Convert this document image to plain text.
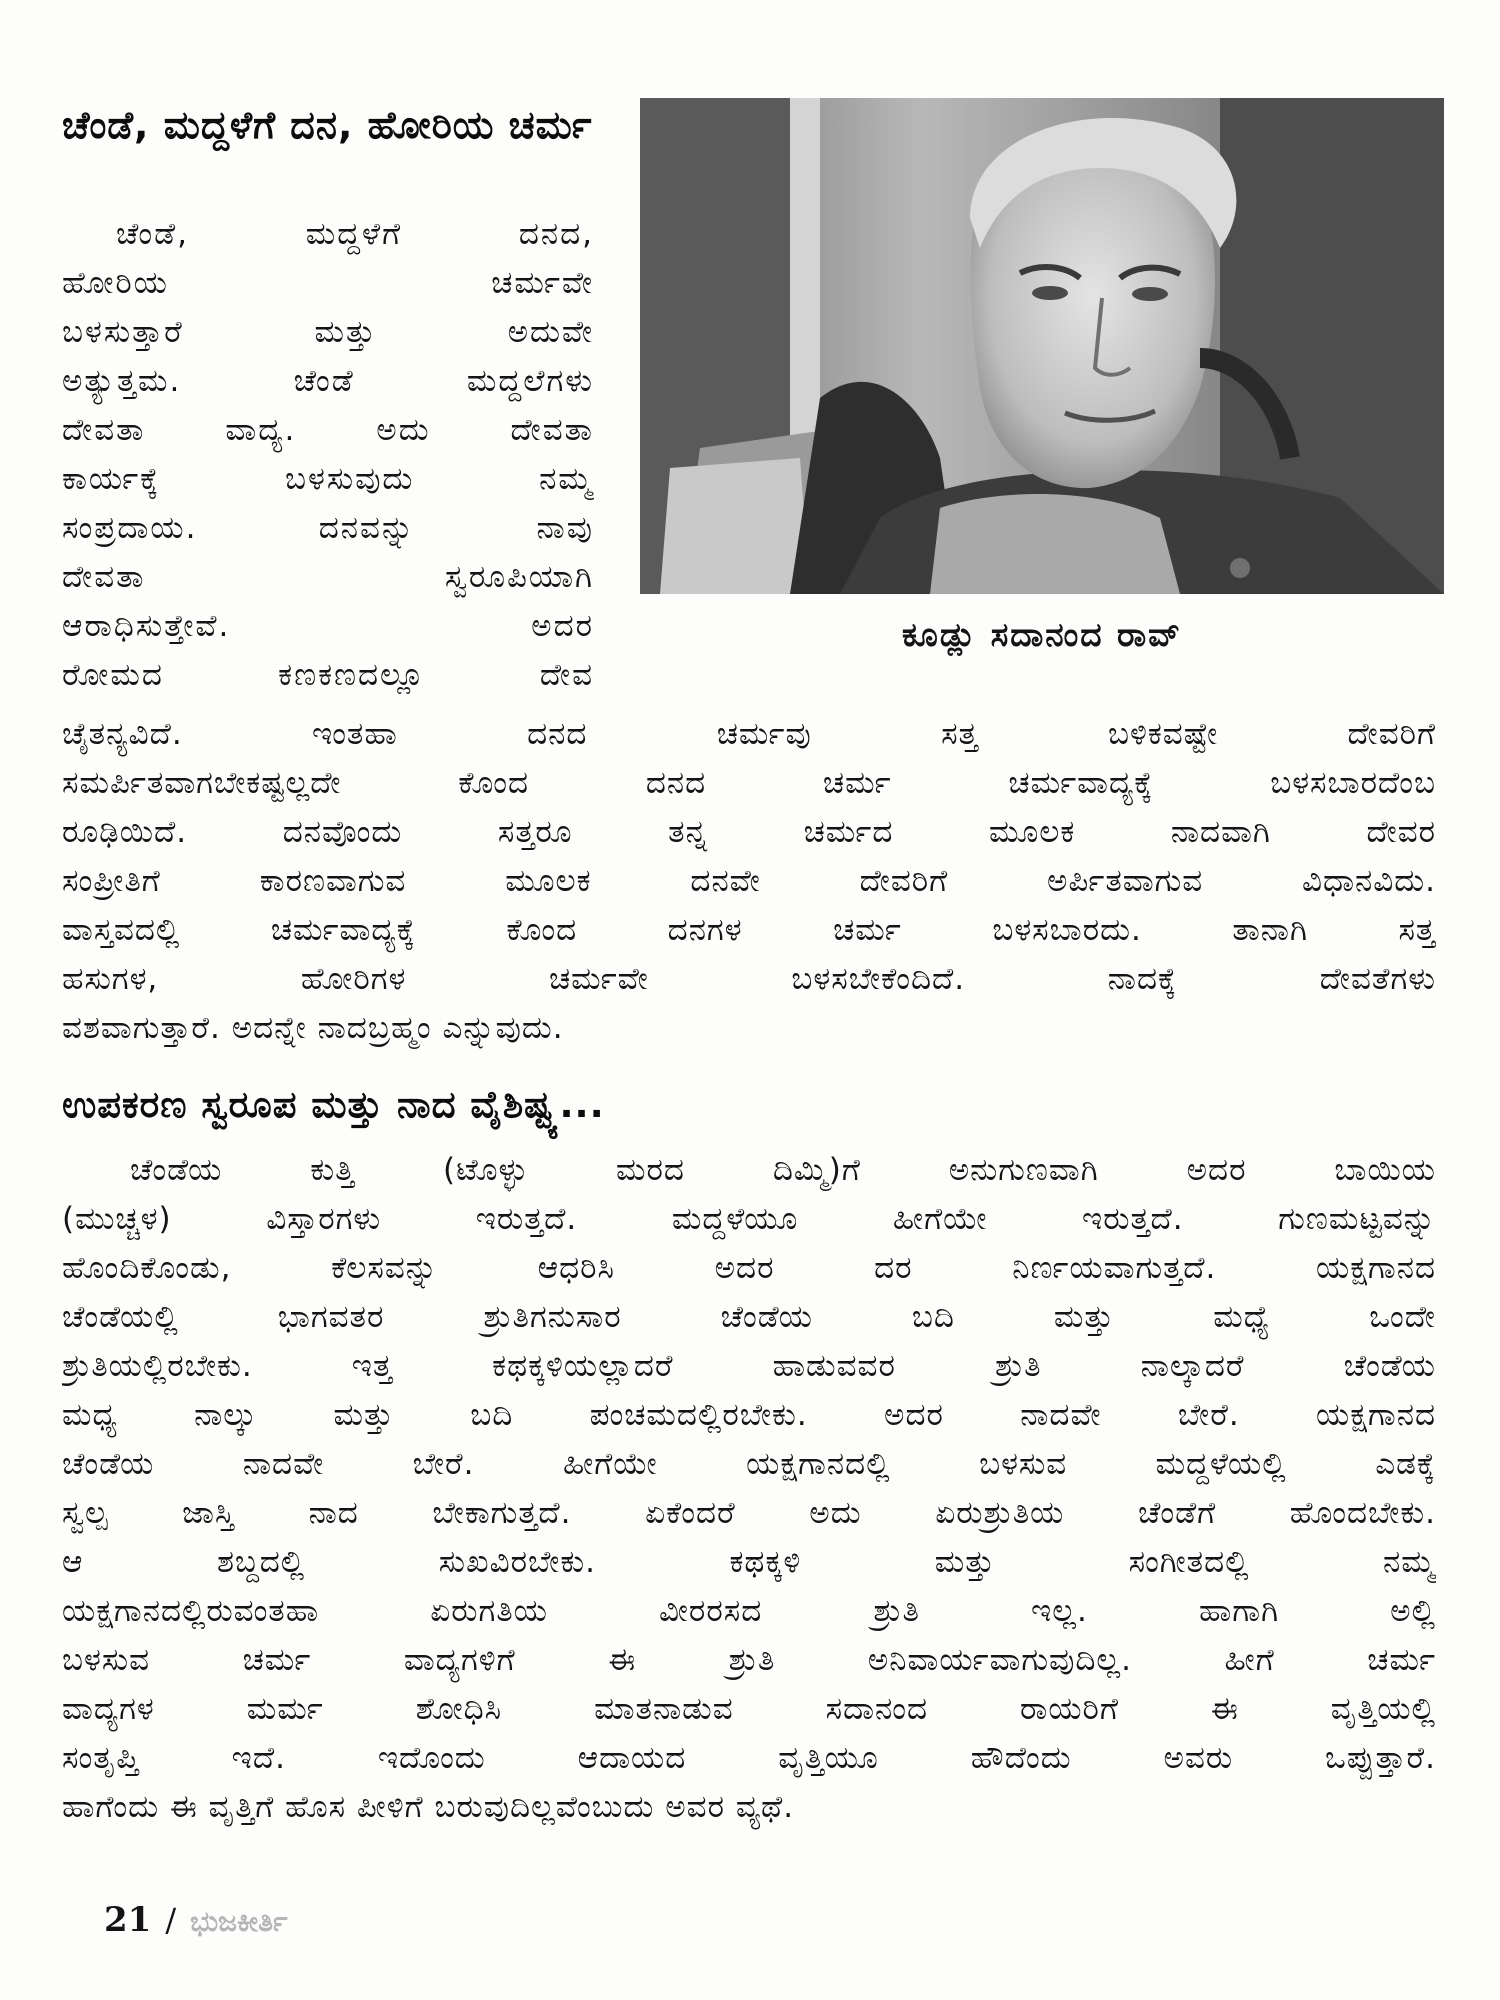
ಚೆಂಡೆ, ಮದ್ದಳೆಗೆ ದನ, ಹೋರಿಯ ಚರ್ಮ
ಚೆಂಡೆ, ಮದ್ದಳೆಗೆ ದನದ,
ಹೋರಿಯ ಚರ್ಮವೇ
ಬಳಸುತ್ತಾರೆ ಮತ್ತು ಅದುವೇ
ಅತ್ಯುತ್ತಮ. ಚೆಂಡೆ ಮದ್ದಲೆಗಳು
ದೇವತಾ ವಾದ್ಯ. ಅದು ದೇವತಾ
ಕಾರ್ಯಕ್ಕೆ ಬಳಸುವುದು ನಮ್ಮ
ಸಂಪ್ರದಾಯ. ದನವನ್ನು ನಾವು
ದೇವತಾ ಸ್ವರೂಪಿಯಾಗಿ
ಆರಾಧಿಸುತ್ತೇವೆ. ಅದರ
ರೋಮದ ಕಣಕಣದಲ್ಲೂ ದೇವ

ಕೂಡ್ಲು ಸದಾನಂದ ರಾವ್

ಚೈತನ್ಯವಿದೆ. ಇಂತಹಾ ದನದ ಚರ್ಮವು ಸತ್ತ ಬಳಿಕವಷ್ಟೇ ದೇವರಿಗೆ
ಸಮರ್ಪಿತವಾಗಬೇಕಷ್ಟಲ್ಲದೇ ಕೊಂದ ದನದ ಚರ್ಮ ಚರ್ಮವಾದ್ಯಕ್ಕೆ ಬಳಸಬಾರದೆಂಬ
ರೂಢಿಯಿದೆ. ದನವೊಂದು ಸತ್ತರೂ ತನ್ನ ಚರ್ಮದ ಮೂಲಕ ನಾದವಾಗಿ ದೇವರ
ಸಂಪ್ರೀತಿಗೆ ಕಾರಣವಾಗುವ ಮೂಲಕ ದನವೇ ದೇವರಿಗೆ ಅರ್ಪಿತವಾಗುವ ವಿಧಾನವಿದು.
ವಾಸ್ತವದಲ್ಲಿ ಚರ್ಮವಾದ್ಯಕ್ಕೆ ಕೊಂದ ದನಗಳ ಚರ್ಮ ಬಳಸಬಾರದು. ತಾನಾಗಿ ಸತ್ತ
ಹಸುಗಳ, ಹೋರಿಗಳ ಚರ್ಮವೇ ಬಳಸಬೇಕೆಂದಿದೆ. ನಾದಕ್ಕೆ ದೇವತೆಗಳು
ವಶವಾಗುತ್ತಾರೆ. ಅದನ್ನೇ ನಾದಬ್ರಹ್ಮಂ ಎನ್ನುವುದು.
ಉಪಕರಣ ಸ್ವರೂಪ ಮತ್ತು ನಾದ ವೈಶಿಷ್ಟ್ಯ...
ಚೆಂಡೆಯ ಕುತ್ತಿ (ಟೊಳ್ಳು ಮರದ ದಿಮ್ಮಿ)ಗೆ ಅನುಗುಣವಾಗಿ ಅದರ ಬಾಯಿಯ
(ಮುಚ್ಚಳ) ವಿಸ್ತಾರಗಳು ಇರುತ್ತದೆ. ಮದ್ದಳೆಯೂ ಹೀಗೆಯೇ ಇರುತ್ತದೆ. ಗುಣಮಟ್ಟವನ್ನು
ಹೊಂದಿಕೊಂಡು, ಕೆಲಸವನ್ನು ಆಧರಿಸಿ ಅದರ ದರ ನಿರ್ಣಯವಾಗುತ್ತದೆ. ಯಕ್ಷಗಾನದ
ಚೆಂಡೆಯಲ್ಲಿ ಭಾಗವತರ ಶ್ರುತಿಗನುಸಾರ ಚೆಂಡೆಯ ಬದಿ ಮತ್ತು ಮಧ್ಯೆ ಒಂದೇ
ಶ್ರುತಿಯಲ್ಲಿರಬೇಕು. ಇತ್ತ ಕಥಕ್ಕಳಿಯಲ್ಲಾದರೆ ಹಾಡುವವರ ಶ್ರುತಿ ನಾಲ್ಕಾದರೆ ಚೆಂಡೆಯ
ಮಧ್ಯ ನಾಲ್ಕು ಮತ್ತು ಬದಿ ಪಂಚಮದಲ್ಲಿರಬೇಕು. ಅದರ ನಾದವೇ ಬೇರೆ. ಯಕ್ಷಗಾನದ
ಚೆಂಡೆಯ ನಾದವೇ ಬೇರೆ. ಹೀಗೆಯೇ ಯಕ್ಷಗಾನದಲ್ಲಿ ಬಳಸುವ ಮದ್ದಳೆಯಲ್ಲಿ ಎಡಕ್ಕೆ
ಸ್ವಲ್ಪ ಜಾಸ್ತಿ ನಾದ ಬೇಕಾಗುತ್ತದೆ. ಏಕೆಂದರೆ ಅದು ಏರುಶ್ರುತಿಯ ಚೆಂಡೆಗೆ ಹೊಂದಬೇಕು.
ಆ ಶಬ್ದದಲ್ಲಿ ಸುಖವಿರಬೇಕು. ಕಥಕ್ಕಳಿ ಮತ್ತು ಸಂಗೀತದಲ್ಲಿ ನಮ್ಮ
ಯಕ್ಷಗಾನದಲ್ಲಿರುವಂತಹಾ ಏರುಗತಿಯ ವೀರರಸದ ಶ್ರುತಿ ಇಲ್ಲ. ಹಾಗಾಗಿ ಅಲ್ಲಿ
ಬಳಸುವ ಚರ್ಮ ವಾದ್ಯಗಳಿಗೆ ಈ ಶ್ರುತಿ ಅನಿವಾರ್ಯವಾಗುವುದಿಲ್ಲ. ಹೀಗೆ ಚರ್ಮ
ವಾದ್ಯಗಳ ಮರ್ಮ ಶೋಧಿಸಿ ಮಾತನಾಡುವ ಸದಾನಂದ ರಾಯರಿಗೆ ಈ ವೃತ್ತಿಯಲ್ಲಿ
ಸಂತೃಪ್ತಿ ಇದೆ. ಇದೊಂದು ಆದಾಯದ ವೃತ್ತಿಯೂ ಹೌದೆಂದು ಅವರು ಒಪ್ಪುತ್ತಾರೆ.
ಹಾಗೆಂದು ಈ ವೃತ್ತಿಗೆ ಹೊಸ ಪೀಳಿಗೆ ಬರುವುದಿಲ್ಲವೆಂಬುದು ಅವರ ವ್ಯಥೆ.
21 / ಭುಜಕೀರ್ತಿ
